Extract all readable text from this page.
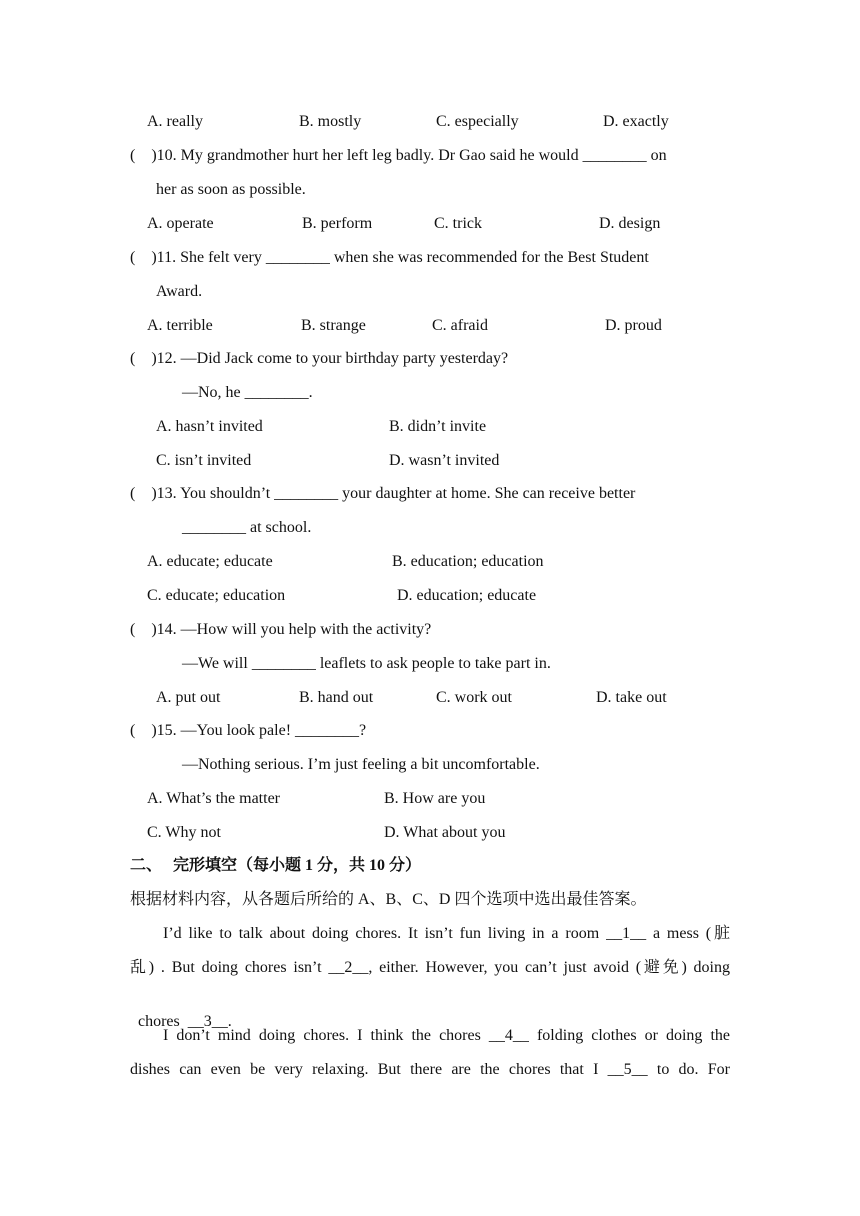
A. really	B. mostly	C. especially	D. exactly
(    )10. My grandmother hurt her left leg badly. Dr Gao said he would ________ on
her as soon as possible.
A. operate	B. perform	C. trick	D. design
(    )11. She felt very ________ when she was recommended for the Best Student
Award.
A. terrible	B. strange	C. afraid	D. proud
(    )12. —Did Jack come to your birthday party yesterday?
—No, he ________.
A. hasn’t invited	B. didn’t invite
C. isn’t invited	D. wasn’t invited
(    )13. You shouldn’t ________ your daughter at home. She can receive better
________ at school.
A. educate; educate	B. education; education
C. educate; education	D. education; educate
(    )14. —How will you help with the activity?
—We will ________ leaflets to ask people to take part in.
A. put out	B. hand out	C. work out	D. take out
(    )15. —You look pale! ________?
—Nothing serious. I’m just feeling a bit uncomfortable.
A. What’s the matter	B. How are you
C. Why not	D. What about you
二、 完形填空（每小题 1 分，共 10 分）
根据材料内容，从各题后所给的 A、B、C、D 四个选项中选出最佳答案。
I’d like to talk about doing chores. It isn’t fun living in a room __1__ a mess (脏
乱) . But doing chores isn’t __2__, either. However, you can’t just avoid (避免) doing

chores __3__.

I don’t mind doing chores. I think the chores __4__ folding clothes or doing the
dishes can even be very relaxing. But there are the chores that I __5__ to do. For
